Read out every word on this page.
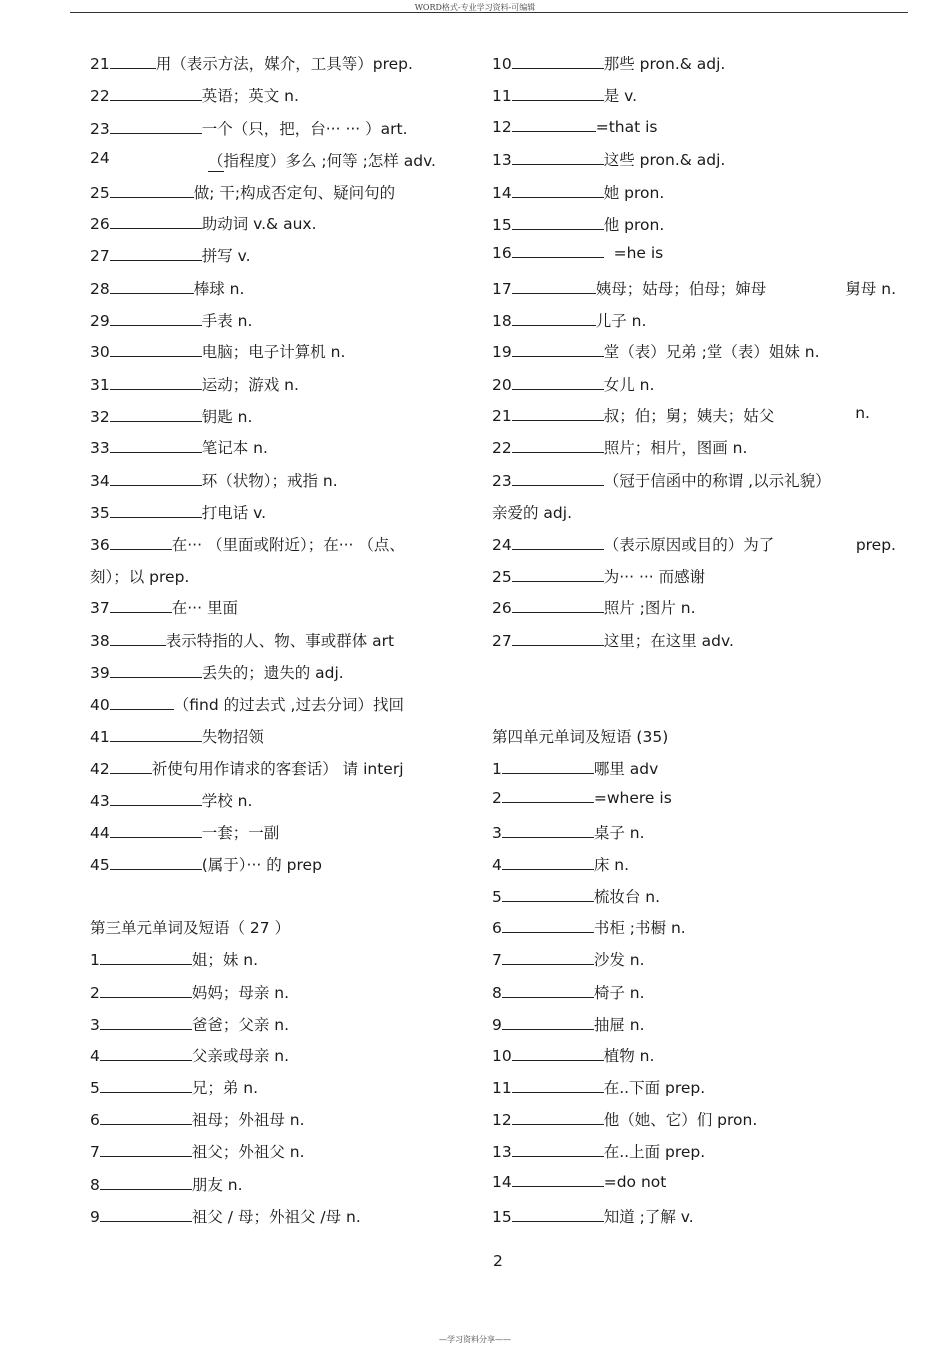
WORD格式-专业学习资料-可编辑
21	用（表示方法，媒介，工具等）prep.
22	英语；英文 n.
23	一个（只，把，台··· ··· ）art.
24	（指程度）多么 ;何等 ;怎样 adv.
25	做; 干;构成否定句、疑问句的
26	助动词 v.& aux.
27	拼写 v.
28	棒球 n.
29	手表 n.
30	电脑；电子计算机 n.
31	运动；游戏 n.
32	钥匙 n.
33	笔记本 n.
34	环（状物）；戒指 n.
35	打电话 v.
36	在··· （里面或附近）；在··· （点、
刻）；以 prep.
37	在··· 里面
38	表示特指的人、物、事或群体 art
39	丢失的；遗失的 adj.
40	（find 的过去式 ,过去分词）找回
41	失物招领
42	祈使句用作请求的客套话） 请 interj
43	学校 n.
44	一套；一副
45	(属于）··· 的 prep
第三单元单词及短语（ 27 ）
1	姐；妹 n.
2	妈妈；母亲 n.
3	爸爸；父亲 n.
4	父亲或母亲 n.
5	兄；弟 n.
6	祖母；外祖母 n.
7	祖父；外祖父 n.
8	朋友 n.
9	祖父 / 母；外祖父 /母 n.
10	那些 pron.& adj.
11	是 v.
12	=that is
13	这些 pron.& adj.
14	她 pron.
15	他 pron.
16	=he is
17	姨母；姑母；伯母；婶母	舅母 n.
18	儿子 n.
19	堂（表）兄弟 ;堂（表）姐妹 n.
20	女儿 n.
21	叔；伯；舅；姨夫；姑父	n.
22	照片；相片，图画 n.
23	（冠于信函中的称谓 ,以示礼貌）
亲爱的 adj.
24	（表示原因或目的）为了	prep.
25	为··· ··· 而感谢
26	照片 ;图片 n.
27	这里；在这里 adv.
第四单元单词及短语 (35)
1	哪里 adv
2	=where is
3	桌子 n.
4	床 n.
5	梳妆台 n.
6	书柜 ;书橱 n.
7	沙发 n.
8	椅子 n.
9	抽屉 n.
10	植物 n.
11	在..下面 prep.
12	他（她、它）们 pron.
13	在..上面 prep.
14	=do not
15	知道 ;了解 v.
2
—学习资料分享——
